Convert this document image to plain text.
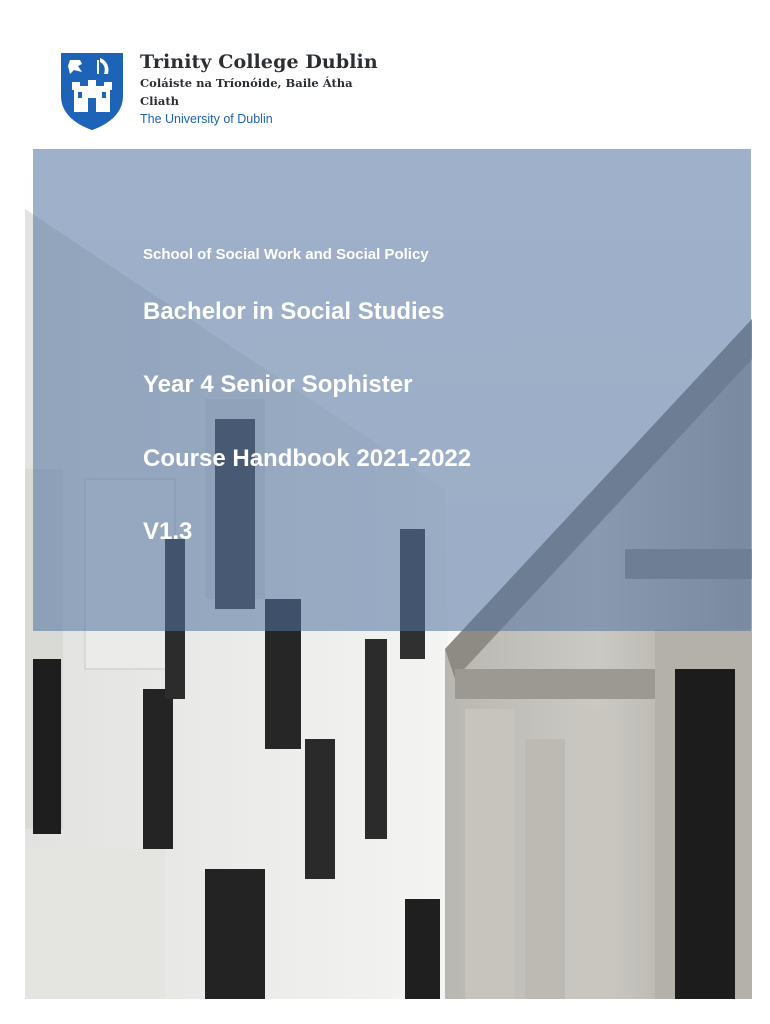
Trinity College Dublin
Coláiste na Tríonóide, Baile Átha Cliath
The University of Dublin
School of Social Work and Social Policy
Bachelor in Social Studies
Year 4 Senior Sophister
Course Handbook 2021-2022
V1.3
